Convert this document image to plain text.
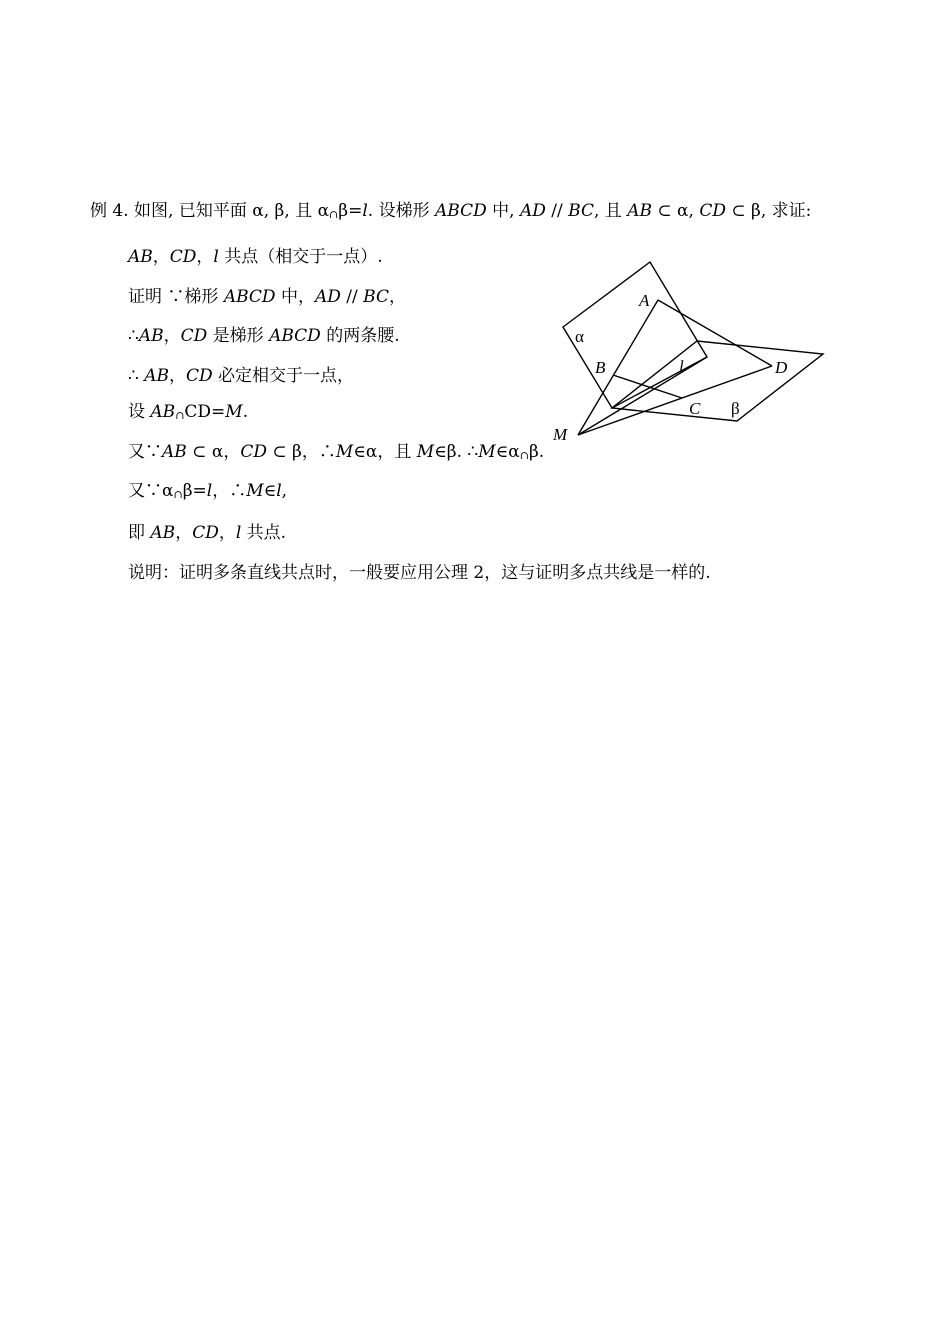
例 4. 如图, 已知平面 α, β, 且 $\alpha_\cap\beta=l$. 设梯形 ABCD 中, AD // BC, 且 AB ⊂ α, CD ⊂ β, 求证:
AB，CD，l 共点（相交于一点）.
证明 ∵梯形 ABCD 中，AD // BC，
∴AB，CD 是梯形 ABCD 的两条腰.
∴ AB，CD 必定相交于一点，
设 $AB_\cap CD=M$.
又∵AB ⊂ α，CD ⊂ β，∴M∈α，且 M∈β. $\therefore M\in\alpha_\cap\beta$.
又$\because\alpha_\cap\beta=l$，∴M∈l,
即 AB，CD，l 共点.
说明：证明多条直线共点时，一般要应用公理 2，这与证明多点共线是一样的.
A
α
B	l	D
C β
M
